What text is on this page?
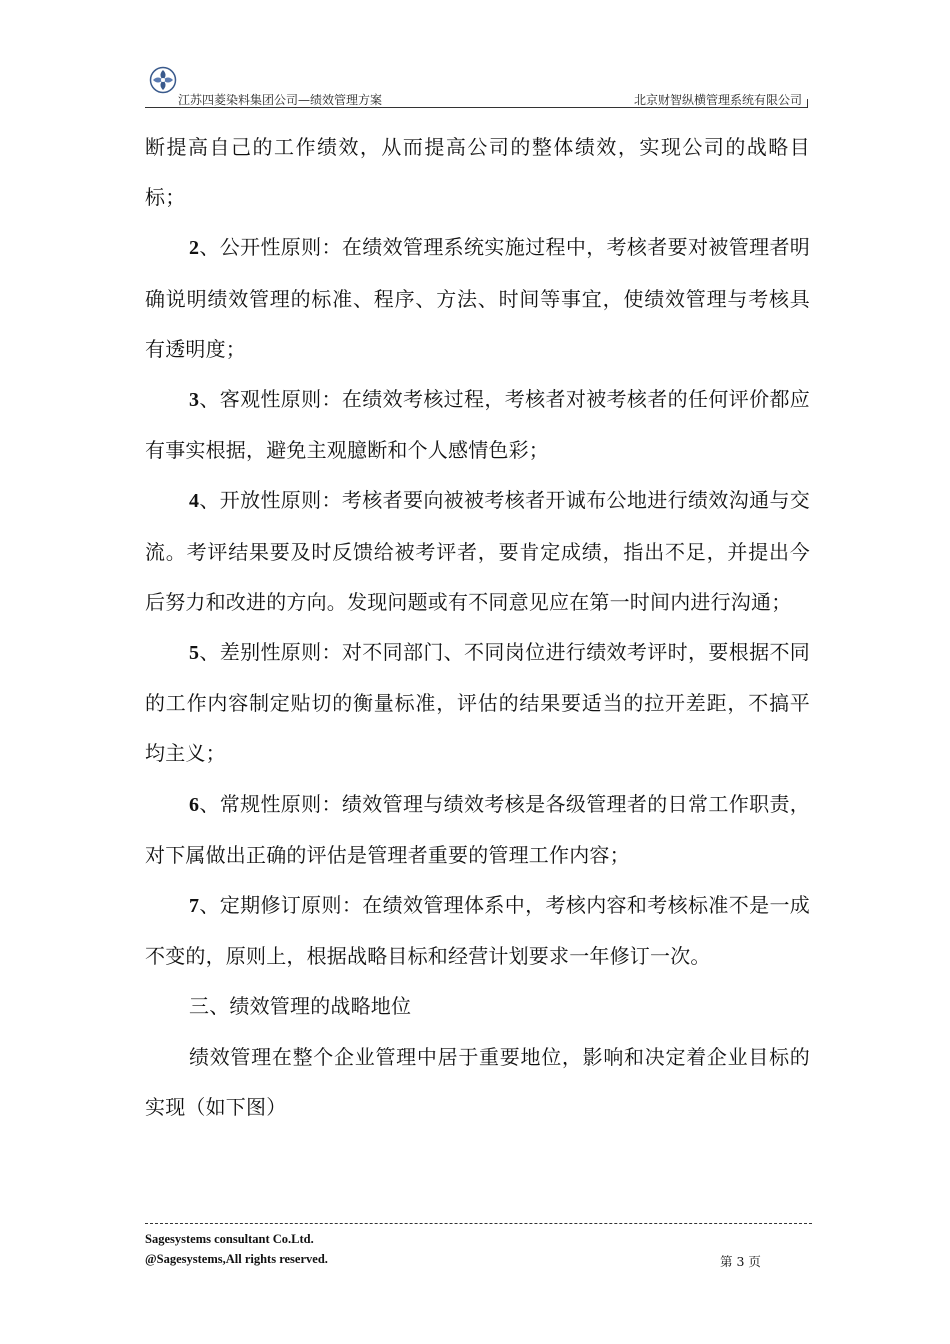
江苏四菱染料集团公司—绩效管理方案	北京财智纵横管理系统有限公司

断提高自己的工作绩效，从而提高公司的整体绩效，实现公司的战略目标；

2、公开性原则：在绩效管理系统实施过程中，考核者要对被管理者明确说明绩效管理的标准、程序、方法、时间等事宜，使绩效管理与考核具有透明度；

3、客观性原则：在绩效考核过程，考核者对被考核者的任何评价都应有事实根据，避免主观臆断和个人感情色彩；

4、开放性原则：考核者要向被被考核者开诚布公地进行绩效沟通与交流。考评结果要及时反馈给被考评者，要肯定成绩，指出不足，并提出今后努力和改进的方向。发现问题或有不同意见应在第一时间内进行沟通；

5、差别性原则：对不同部门、不同岗位进行绩效考评时，要根据不同的工作内容制定贴切的衡量标准，评估的结果要适当的拉开差距，不搞平均主义；

6、常规性原则：绩效管理与绩效考核是各级管理者的日常工作职责，对下属做出正确的评估是管理者重要的管理工作内容；

7、定期修订原则：在绩效管理体系中，考核内容和考核标准不是一成不变的，原则上，根据战略目标和经营计划要求一年修订一次。

三、绩效管理的战略地位

绩效管理在整个企业管理中居于重要地位，影响和决定着企业目标的实现（如下图）

Sagesystems consultant Co.Ltd.
@Sagesystems,All rights reserved.	第 3 页
